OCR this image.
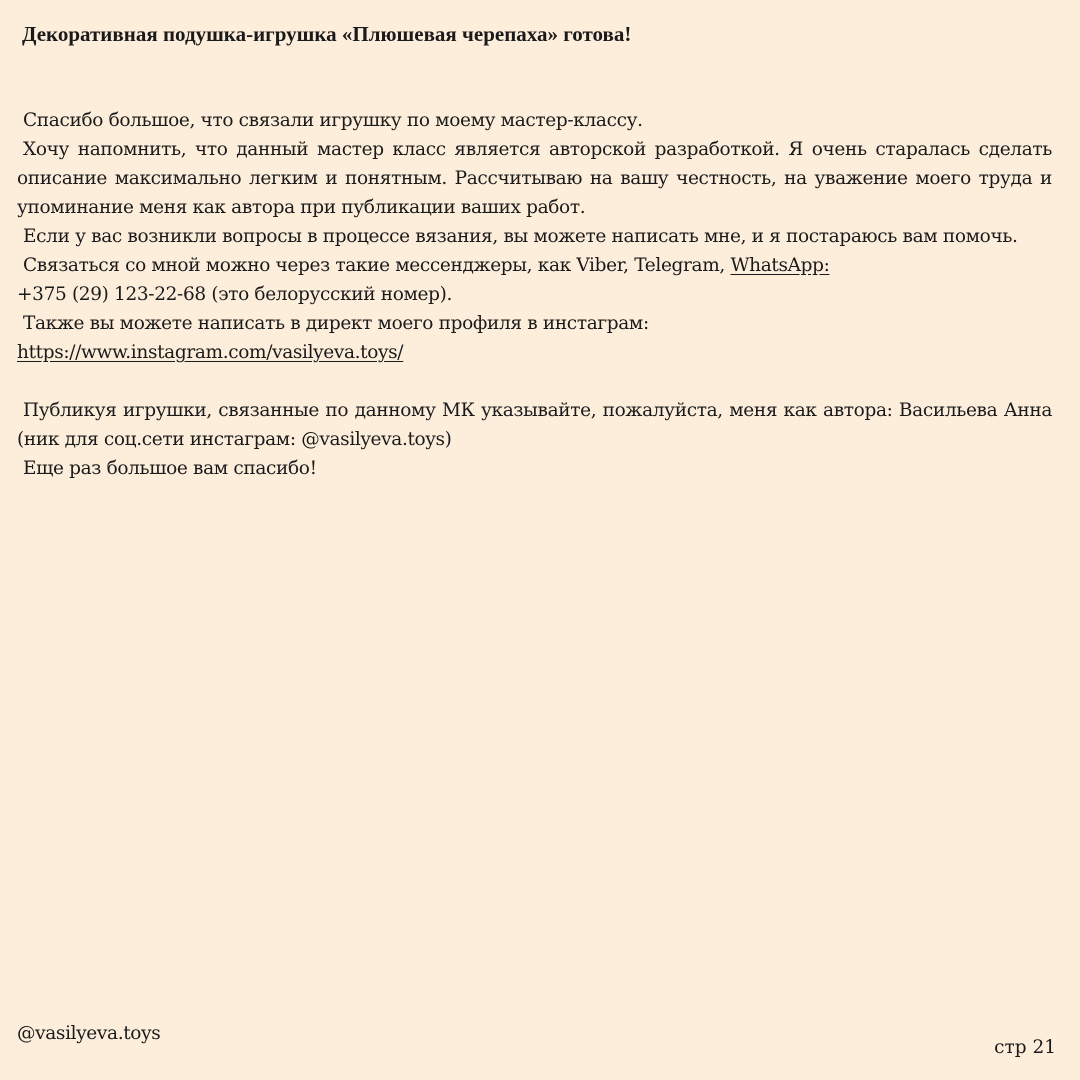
Декоративная подушка-игрушка «Плюшевая черепаха» готова!

Спасибо большое, что связали игрушку по моему мастер-классу.

Хочу напомнить, что данный мастер класс является авторской разработкой. Я очень старалась сделать описание максимально легким и понятным. Рассчитываю на вашу честность, на уважение моего труда и упоминание меня как автора при публикации ваших работ.

Если у вас возникли вопросы в процессе вязания, вы можете написать мне, и я постараюсь вам помочь.

Связаться со мной можно через такие мессенджеры, как Viber, Telegram, WhatsApp:

+375 (29) 123-22-68 (это белорусский номер).

Также вы можете написать в директ моего профиля в инстаграм:

https://www.instagram.com/vasilyeva.toys/

Публикуя игрушки, связанные по данному МК указывайте, пожалуйста, меня как автора: Васильева Анна (ник для соц.сети инстаграм: @vasilyeva.toys)

Еще раз большое вам спасибо!

@vasilyeva.toys
стр 21
